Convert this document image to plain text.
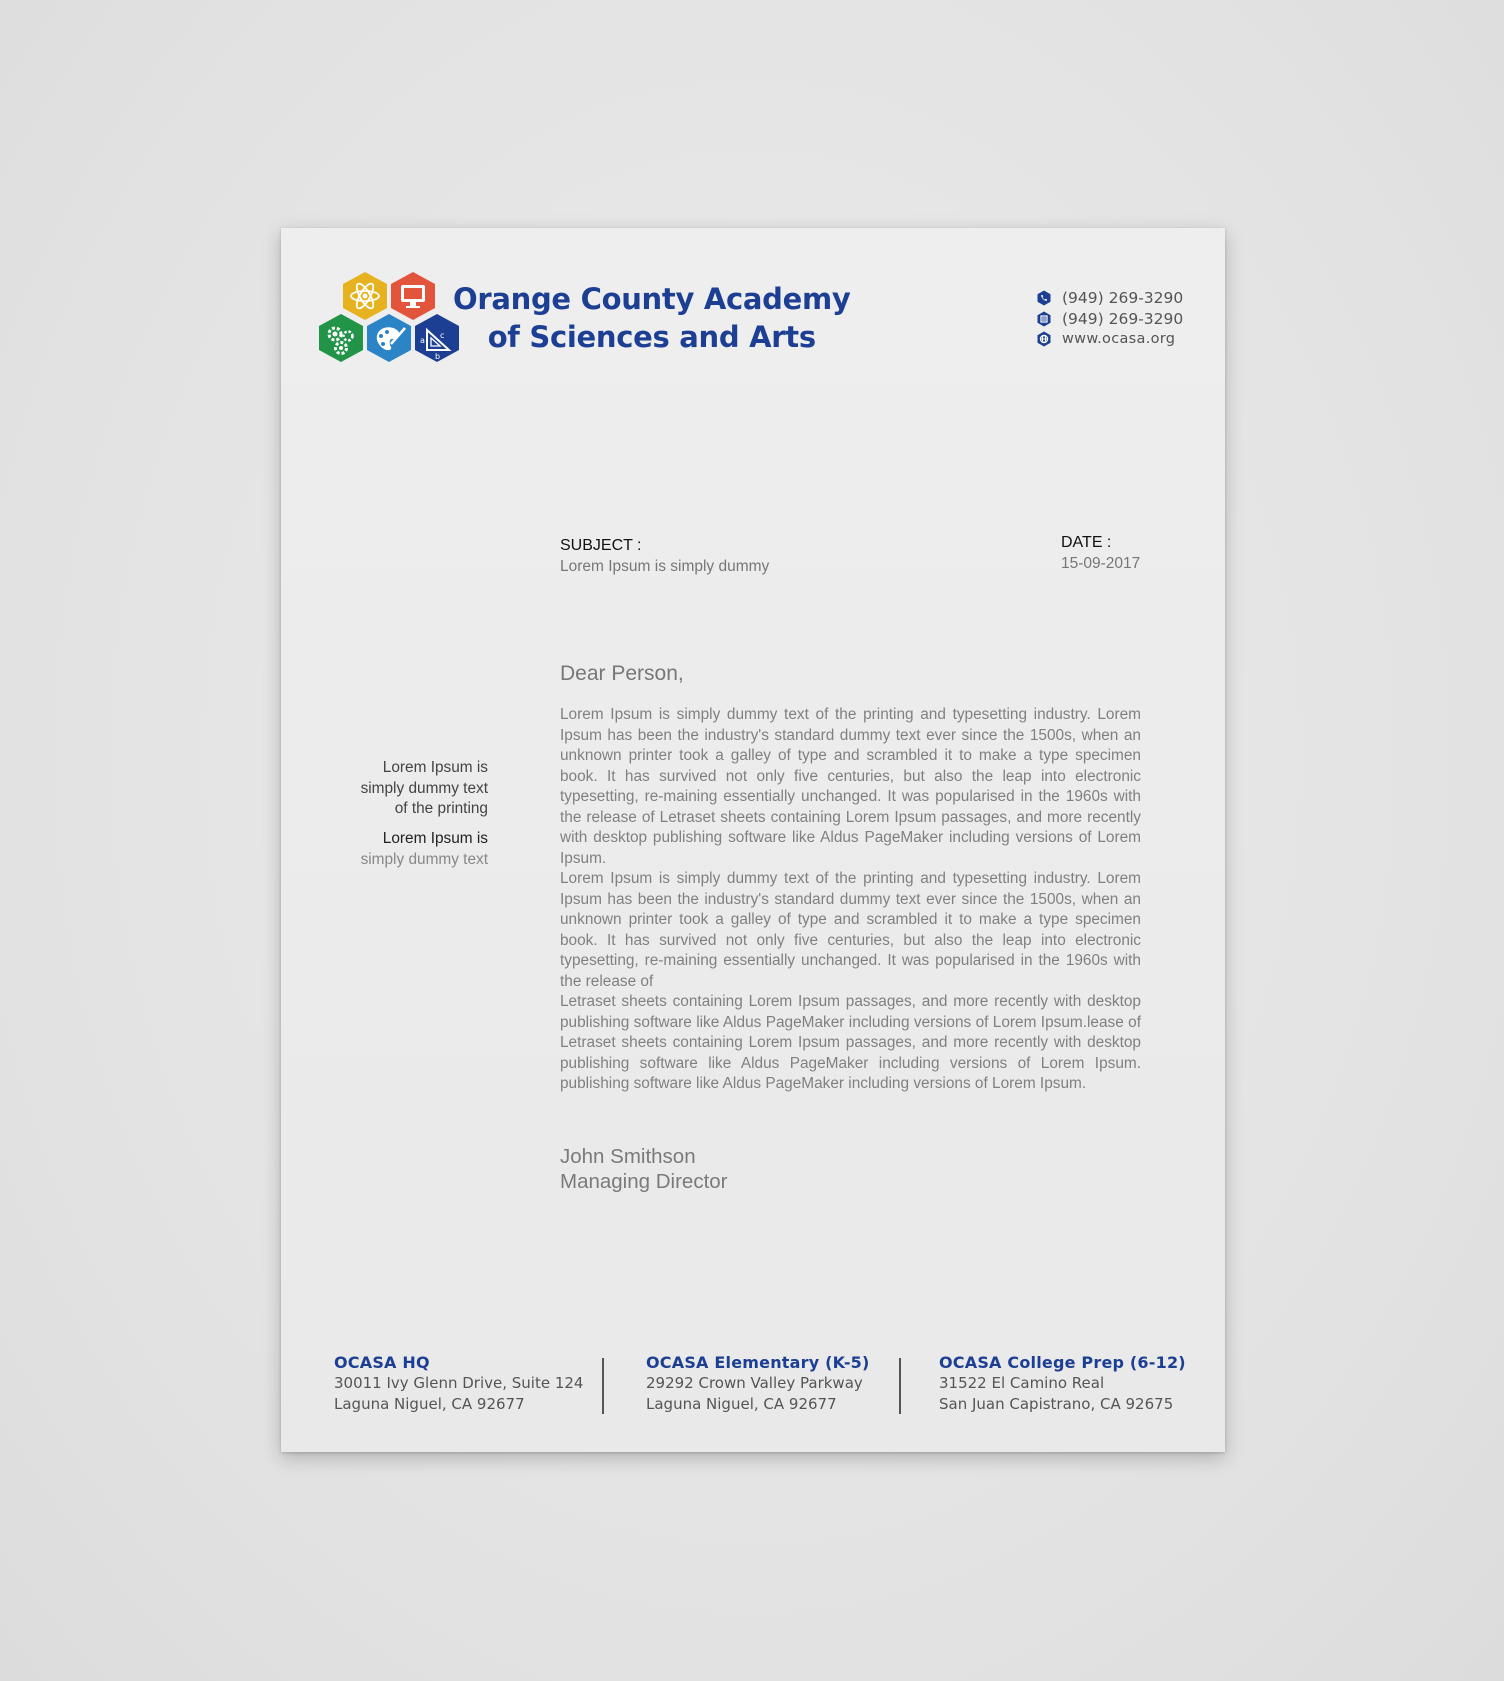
a
c
b
Orange County Academy
of Sciences and Arts
(949) 269-3290
(949) 269-3290
www.ocasa.org
SUBJECT :
Lorem Ipsum is simply dummy
DATE :
15-09-2017
Lorem Ipsum is
simply dummy text
of the printing
Lorem Ipsum is
simply dummy text
Dear Person,
Lorem Ipsum is simply dummy text of the printing and typesetting industry. Lorem Ipsum has been the industry's standard dummy text ever since the 1500s, when an unknown printer took a galley of type and scrambled it to make a type specimen book. It has survived not only five centuries, but also the leap into electronic typesetting, re-maining essentially unchanged. It was popularised in the 1960s with the release of Letraset sheets containing Lorem Ipsum passages, and more recently with desktop publishing software like Aldus PageMaker including versions of Lorem Ipsum.
Lorem Ipsum is simply dummy text of the printing and typesetting industry. Lorem Ipsum has been the industry's standard dummy text ever since the 1500s, when an unknown printer took a galley of type and scrambled it to make a type specimen book. It has survived not only five centuries, but also the leap into electronic typesetting, re-maining essentially unchanged. It was popularised in the 1960s with the release of
Letraset sheets containing Lorem Ipsum passages, and more recently with desktop publishing software like Aldus PageMaker including versions of Lorem Ipsum.lease of Letraset sheets containing Lorem Ipsum passages, and more recently with desktop publishing software like Aldus PageMaker including versions of Lorem Ipsum. publishing software like Aldus PageMaker including versions of Lorem Ipsum.
John Smithson
Managing Director
OCASA HQ
30011 Ivy Glenn Drive, Suite 124
Laguna Niguel, CA 92677
OCASA Elementary (K-5)
29292 Crown Valley Parkway
Laguna Niguel, CA 92677
OCASA College Prep (6-12)
31522 El Camino Real
San Juan Capistrano, CA 92675
